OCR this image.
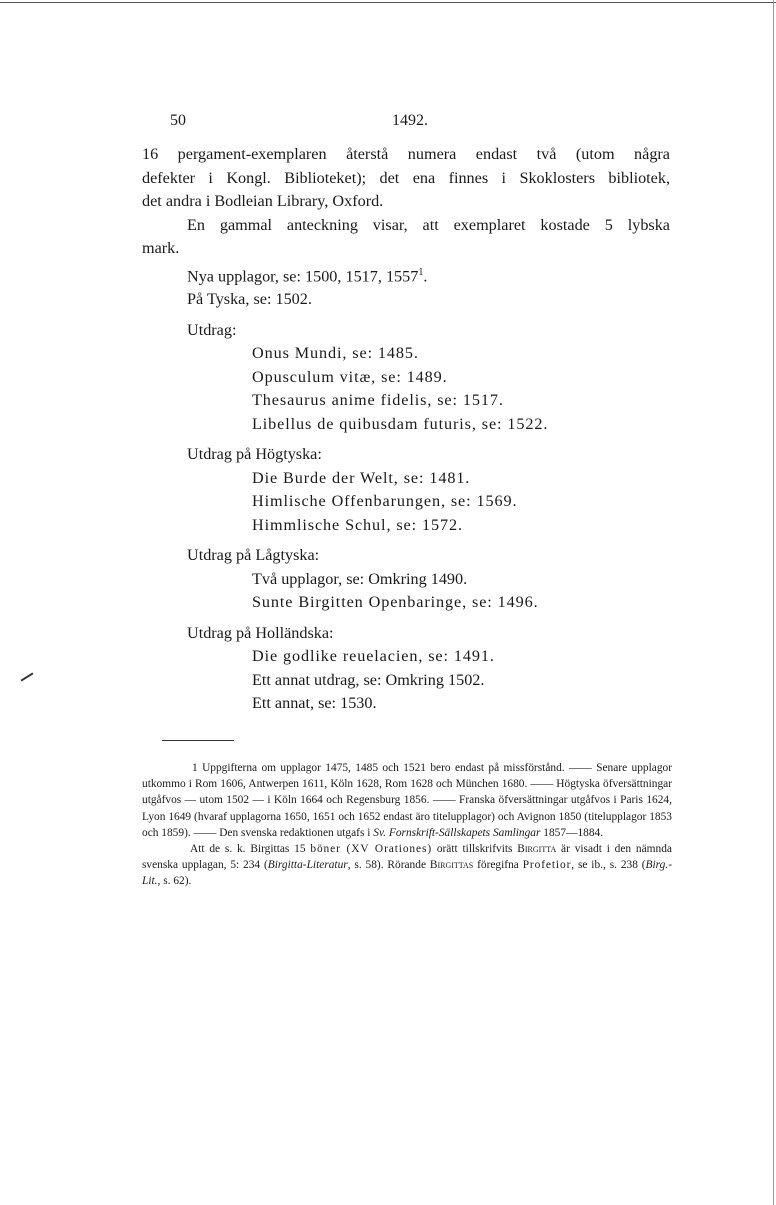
50	1492.

16 pergament-exemplaren återstå numera endast två (utom några

defekter i Kongl. Biblioteket); det ena finnes i Skoklosters bibliotek,

det andra i Bodleian Library, Oxford.

En gammal anteckning visar, att exemplaret kostade 5 lybska

mark.

Nya upplagor, se: 1500, 1517, 1557$^1$.

På Tyska, se: 1502.

Utdrag:

Onus Mundi, se: 1485.

Opusculum vitæ, se: 1489.

Thesaurus anime fidelis, se: 1517.

Libellus de quibusdam futuris, se: 1522.

Utdrag på Högtyska:

Die Burde der Welt, se: 1481.

Himlische Offenbarungen, se: 1569.

Himmlische Schul, se: 1572.

Utdrag på Lågtyska:

Två upplagor, se: Omkring 1490.

Sunte Birgitten Openbaringe, se: 1496.

Utdrag på Holländska:

Die godlike reuelacien, se: 1491.

Ett annat utdrag, se: Omkring 1502.

Ett annat, se: 1530.

1 Uppgifterna om upplagor 1475, 1485 och 1521 bero endast på missförstånd. —— Senare upplagor utkommo i Rom 1606, Antwerpen 1611, Köln 1628, Rom 1628 och München 1680. —— Högtyska öfversättningar utgåfvos — utom 1502 — i Köln 1664 och Regensburg 1856. —— Franska öfversättningar utgåfvos i Paris 1624, Lyon 1649 (hvaraf upplagorna 1650, 1651 och 1652 endast äro titelupplagor) och Avignon 1850 (titelupplagor 1853 och 1859). —— Den svenska redaktionen utgafs i Sv. Fornskrift-Sällskapets Samlingar 1857—1884.

Att de s. k. Birgittas 15 böner (XV Orationes) orätt tillskrifvits Birgitta är visadt i den nämnda svenska upplagan, 5: 234 (Birgitta-Literatur, s. 58). Rörande Birgittas föregifna Profetior, se ib., s. 238 (Birg.-Lit., s. 62).
